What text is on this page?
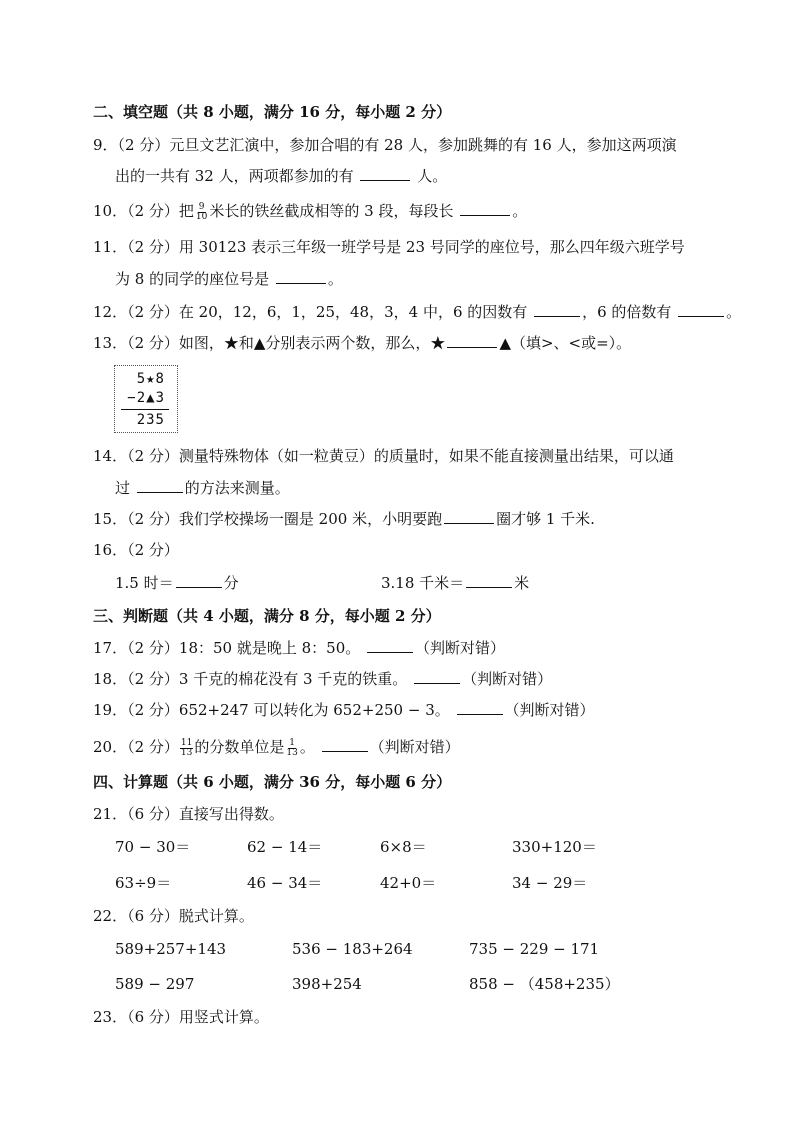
二、填空题（共 8 小题，满分 16 分，每小题 2 分）
9．（2 分）元旦文艺汇演中，参加合唱的有 28 人，参加跳舞的有 16 人，参加这两项演
出的一共有 32 人，两项都参加的有	人。
10．（2 分）把 $\frac{9}{10}$ 米长的铁丝截成相等的 3 段，每段长	。
11．（2 分）用 30123 表示三年级一班学号是 23 号同学的座位号，那么四年级六班学号
为 8 的同学的座位号是	。
12．（2 分）在 20，12，6，1，25，48，3，4 中，6 的因数有	，6 的倍数有	。
13．（2 分）如图，★和▲分别表示两个数，那么，★	▲（填>、<或=）。
5★8
−2▲3
235
14．（2 分）测量特殊物体（如一粒黄豆）的质量时，如果不能直接测量出结果，可以通
过	的方法来测量。
15．（2 分）我们学校操场一圈是 200 米，小明要跑	圈才够 1 千米.
16．（2 分）
1.5 时＝	分	3.18 千米＝	米
三、判断题（共 4 小题，满分 8 分，每小题 2 分）
17．（2 分）18：50 就是晚上 8：50。	（判断对错）
18．（2 分）3 千克的棉花没有 3 千克的铁重。	（判断对错）
19．（2 分）652+247 可以转化为 652+250 − 3。	（判断对错）
20．（2 分） $\frac{11}{13}$ 的分数单位是 $\frac{1}{13}$ 。	（判断对错）
四、计算题（共 6 小题，满分 36 分，每小题 6 分）
21．（6 分）直接写出得数。
70 − 30＝	62 − 14＝	6×8＝	330+120＝
63÷9＝	46 − 34＝	42+0＝	34 − 29＝
22．（6 分）脱式计算。
589+257+143	536 − 183+264	735 − 229 − 171
589 − 297	398+254	858 − （458+235）
23．（6 分）用竖式计算。
